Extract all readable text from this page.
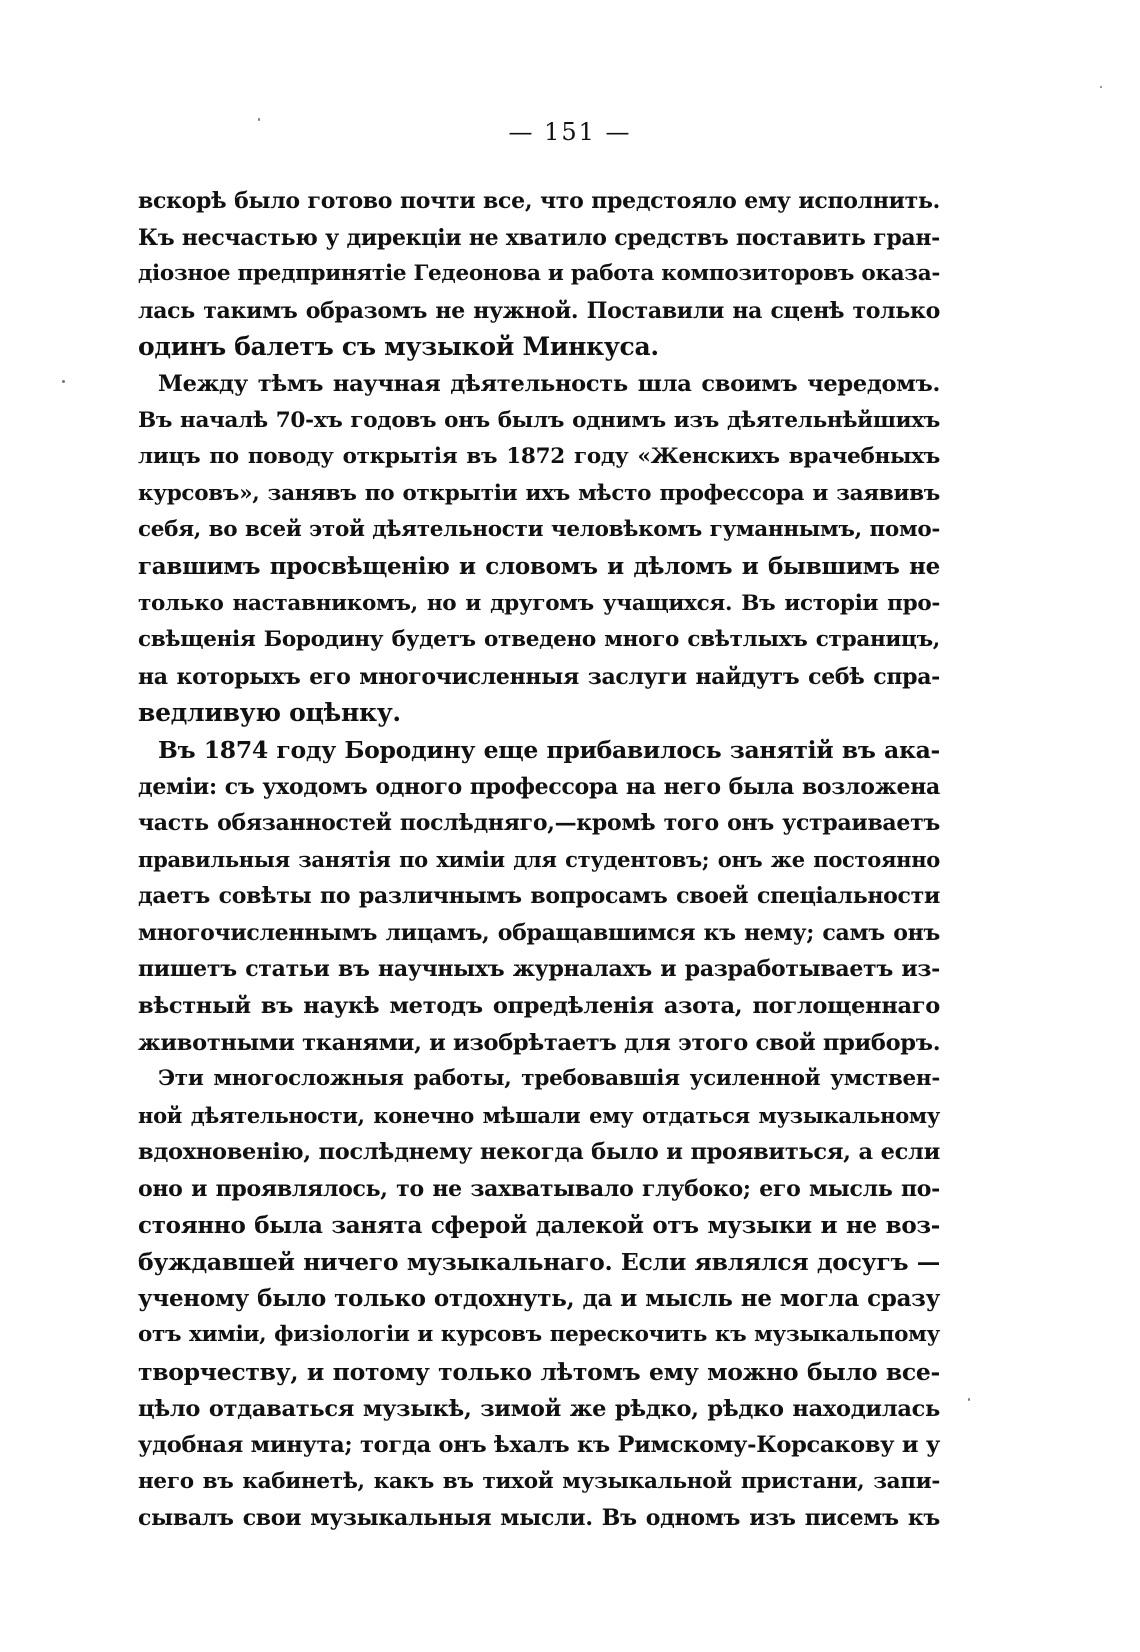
— 151 —
вскорѣ было готово почти все, что предстояло ему исполнить.
Къ несчастью у дирекціи не хватило средствъ поставить гран-
діозное предпринятіе Гедеонова и работа композиторовъ оказа-
лась такимъ образомъ не нужной. Поставили на сценѣ только
одинъ балетъ съ музыкой Минкуса.
Между тѣмъ научная дѣятельность шла своимъ чередомъ.
Въ началѣ 70-хъ годовъ онъ былъ однимъ изъ дѣятельнѣйшихъ
лицъ по поводу открытія въ 1872 году «Женскихъ врачебныхъ
курсовъ», занявъ по открытіи ихъ мѣсто профессора и заявивъ
себя, во всей этой дѣятельности человѣкомъ гуманнымъ, помо-
гавшимъ просвѣщенію и словомъ и дѣломъ и бывшимъ не
только наставникомъ, но и другомъ учащихся. Въ исторіи про-
свѣщенія Бородину будетъ отведено много свѣтлыхъ страницъ,
на которыхъ его многочисленныя заслуги найдутъ себѣ спра-
ведливую оцѣнку.
Въ 1874 году Бородину еще прибавилось занятій въ ака-
деміи: съ уходомъ одного профессора на него была возложена
часть обязанностей послѣдняго,—кромѣ того онъ устраиваетъ
правильныя занятія по химіи для студентовъ; онъ же постоянно
даетъ совѣты по различнымъ вопросамъ своей спеціальности
многочисленнымъ лицамъ, обращавшимся къ нему; самъ онъ
пишетъ статьи въ научныхъ журналахъ и разработываетъ из-
вѣстный въ наукѣ методъ опредѣленія азота, поглощеннаго
животными тканями, и изобрѣтаетъ для этого свой приборъ.
Эти многосложныя работы, требовавшія усиленной умствен-
ной дѣятельности, конечно мѣшали ему отдаться музыкальному
вдохновенію, послѣднему некогда было и проявиться, а если
оно и проявлялось, то не захватывало глубоко; его мысль по-
стоянно была занята сферой далекой отъ музыки и не воз-
буждавшей ничего музыкальнаго. Если являлся досугъ —
ученому было только отдохнуть, да и мысль не могла сразу
отъ химіи, физіологіи и курсовъ перескочить къ музыкальпому
творчеству, и потому только лѣтомъ ему можно было все-
цѣло отдаваться музыкѣ, зимой же рѣдко, рѣдко находилась
удобная минута; тогда онъ ѣхалъ къ Римскому-Корсакову и у
него въ кабинетѣ, какъ въ тихой музыкальной пристани, запи-
сывалъ свои музыкальныя мысли. Въ одномъ изъ писемъ къ
